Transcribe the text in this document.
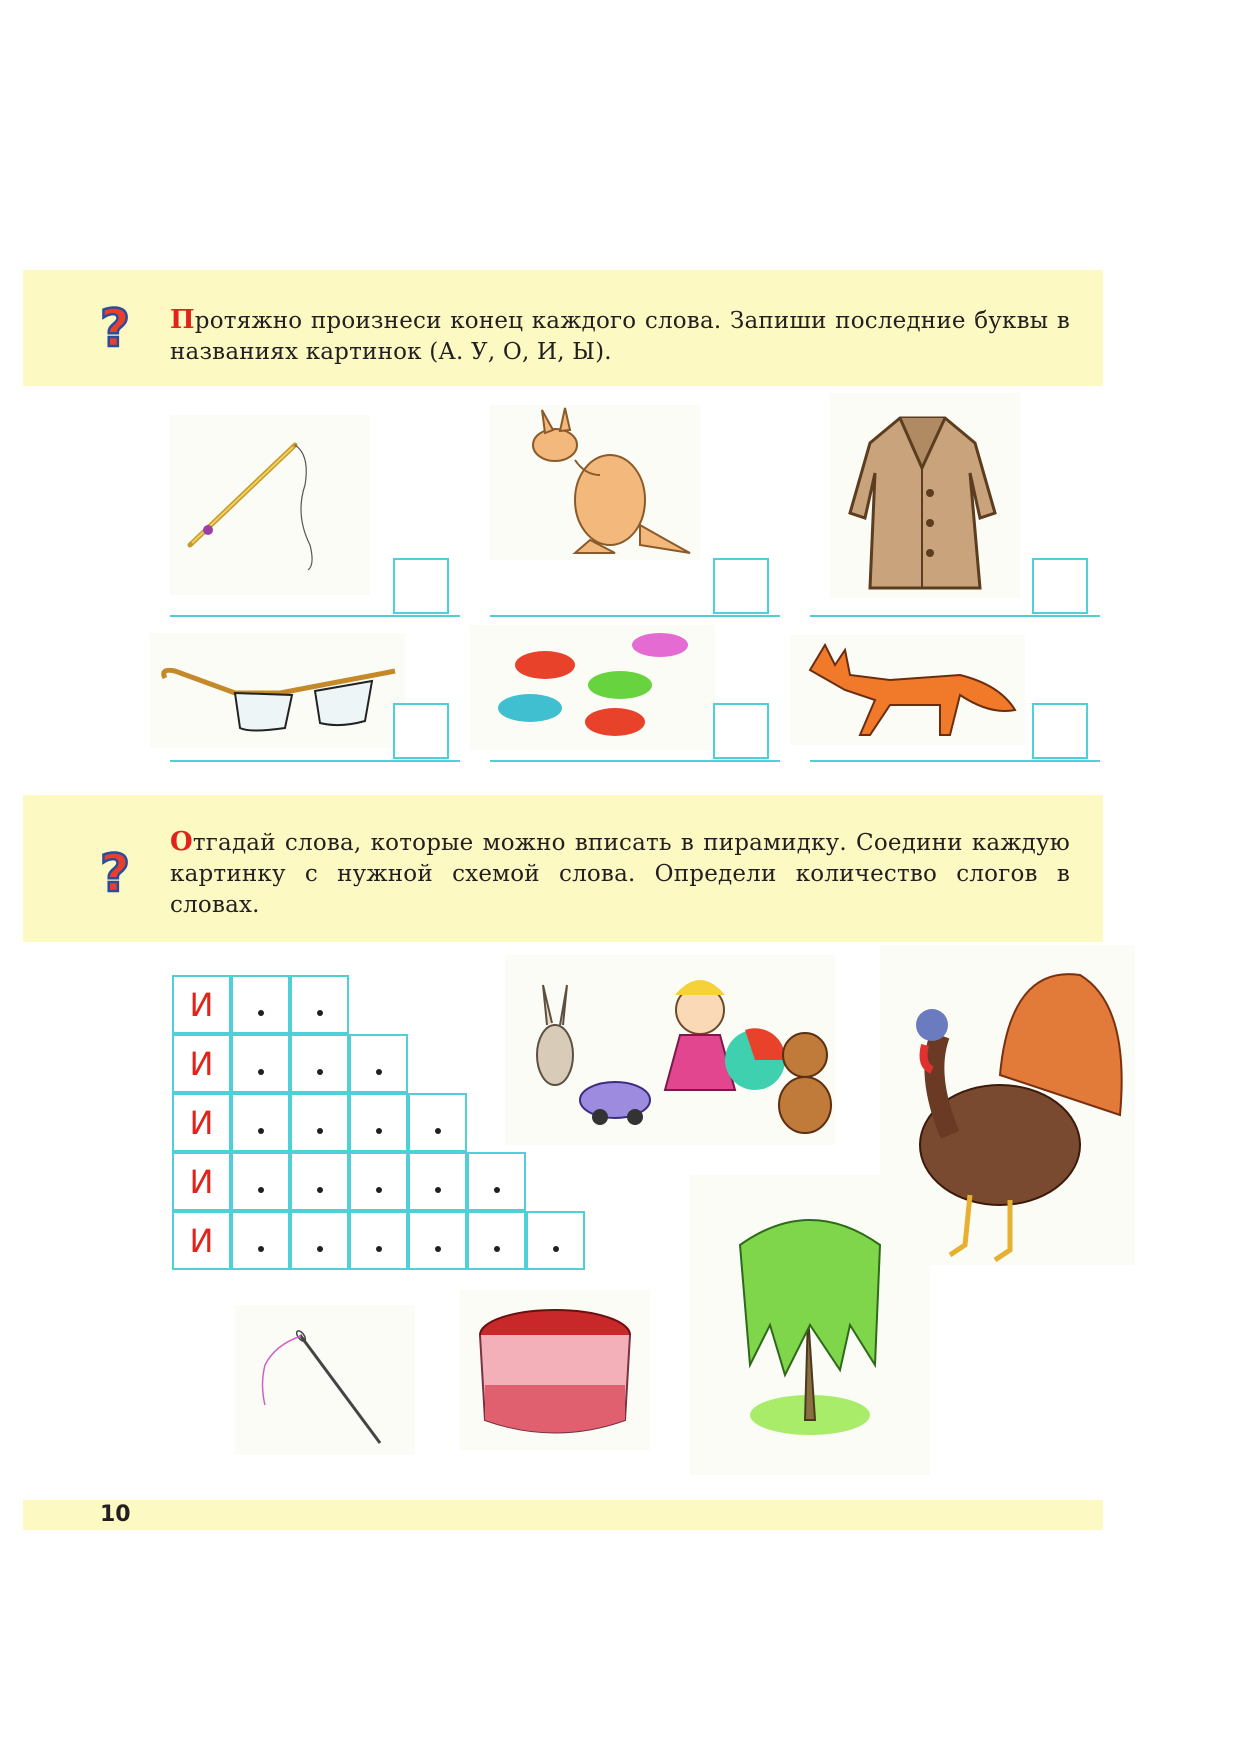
? Протяжно произнеси конец каждого слова. Запиши последние буквы в названиях картинок (А. У, О, И, Ы).
?
Отгадай слова, которые можно вписать в пирамидку. Соедини каждую картинку с нужной схемой слова. Определи количество слогов в словах.
И
И
И
И
И
10
